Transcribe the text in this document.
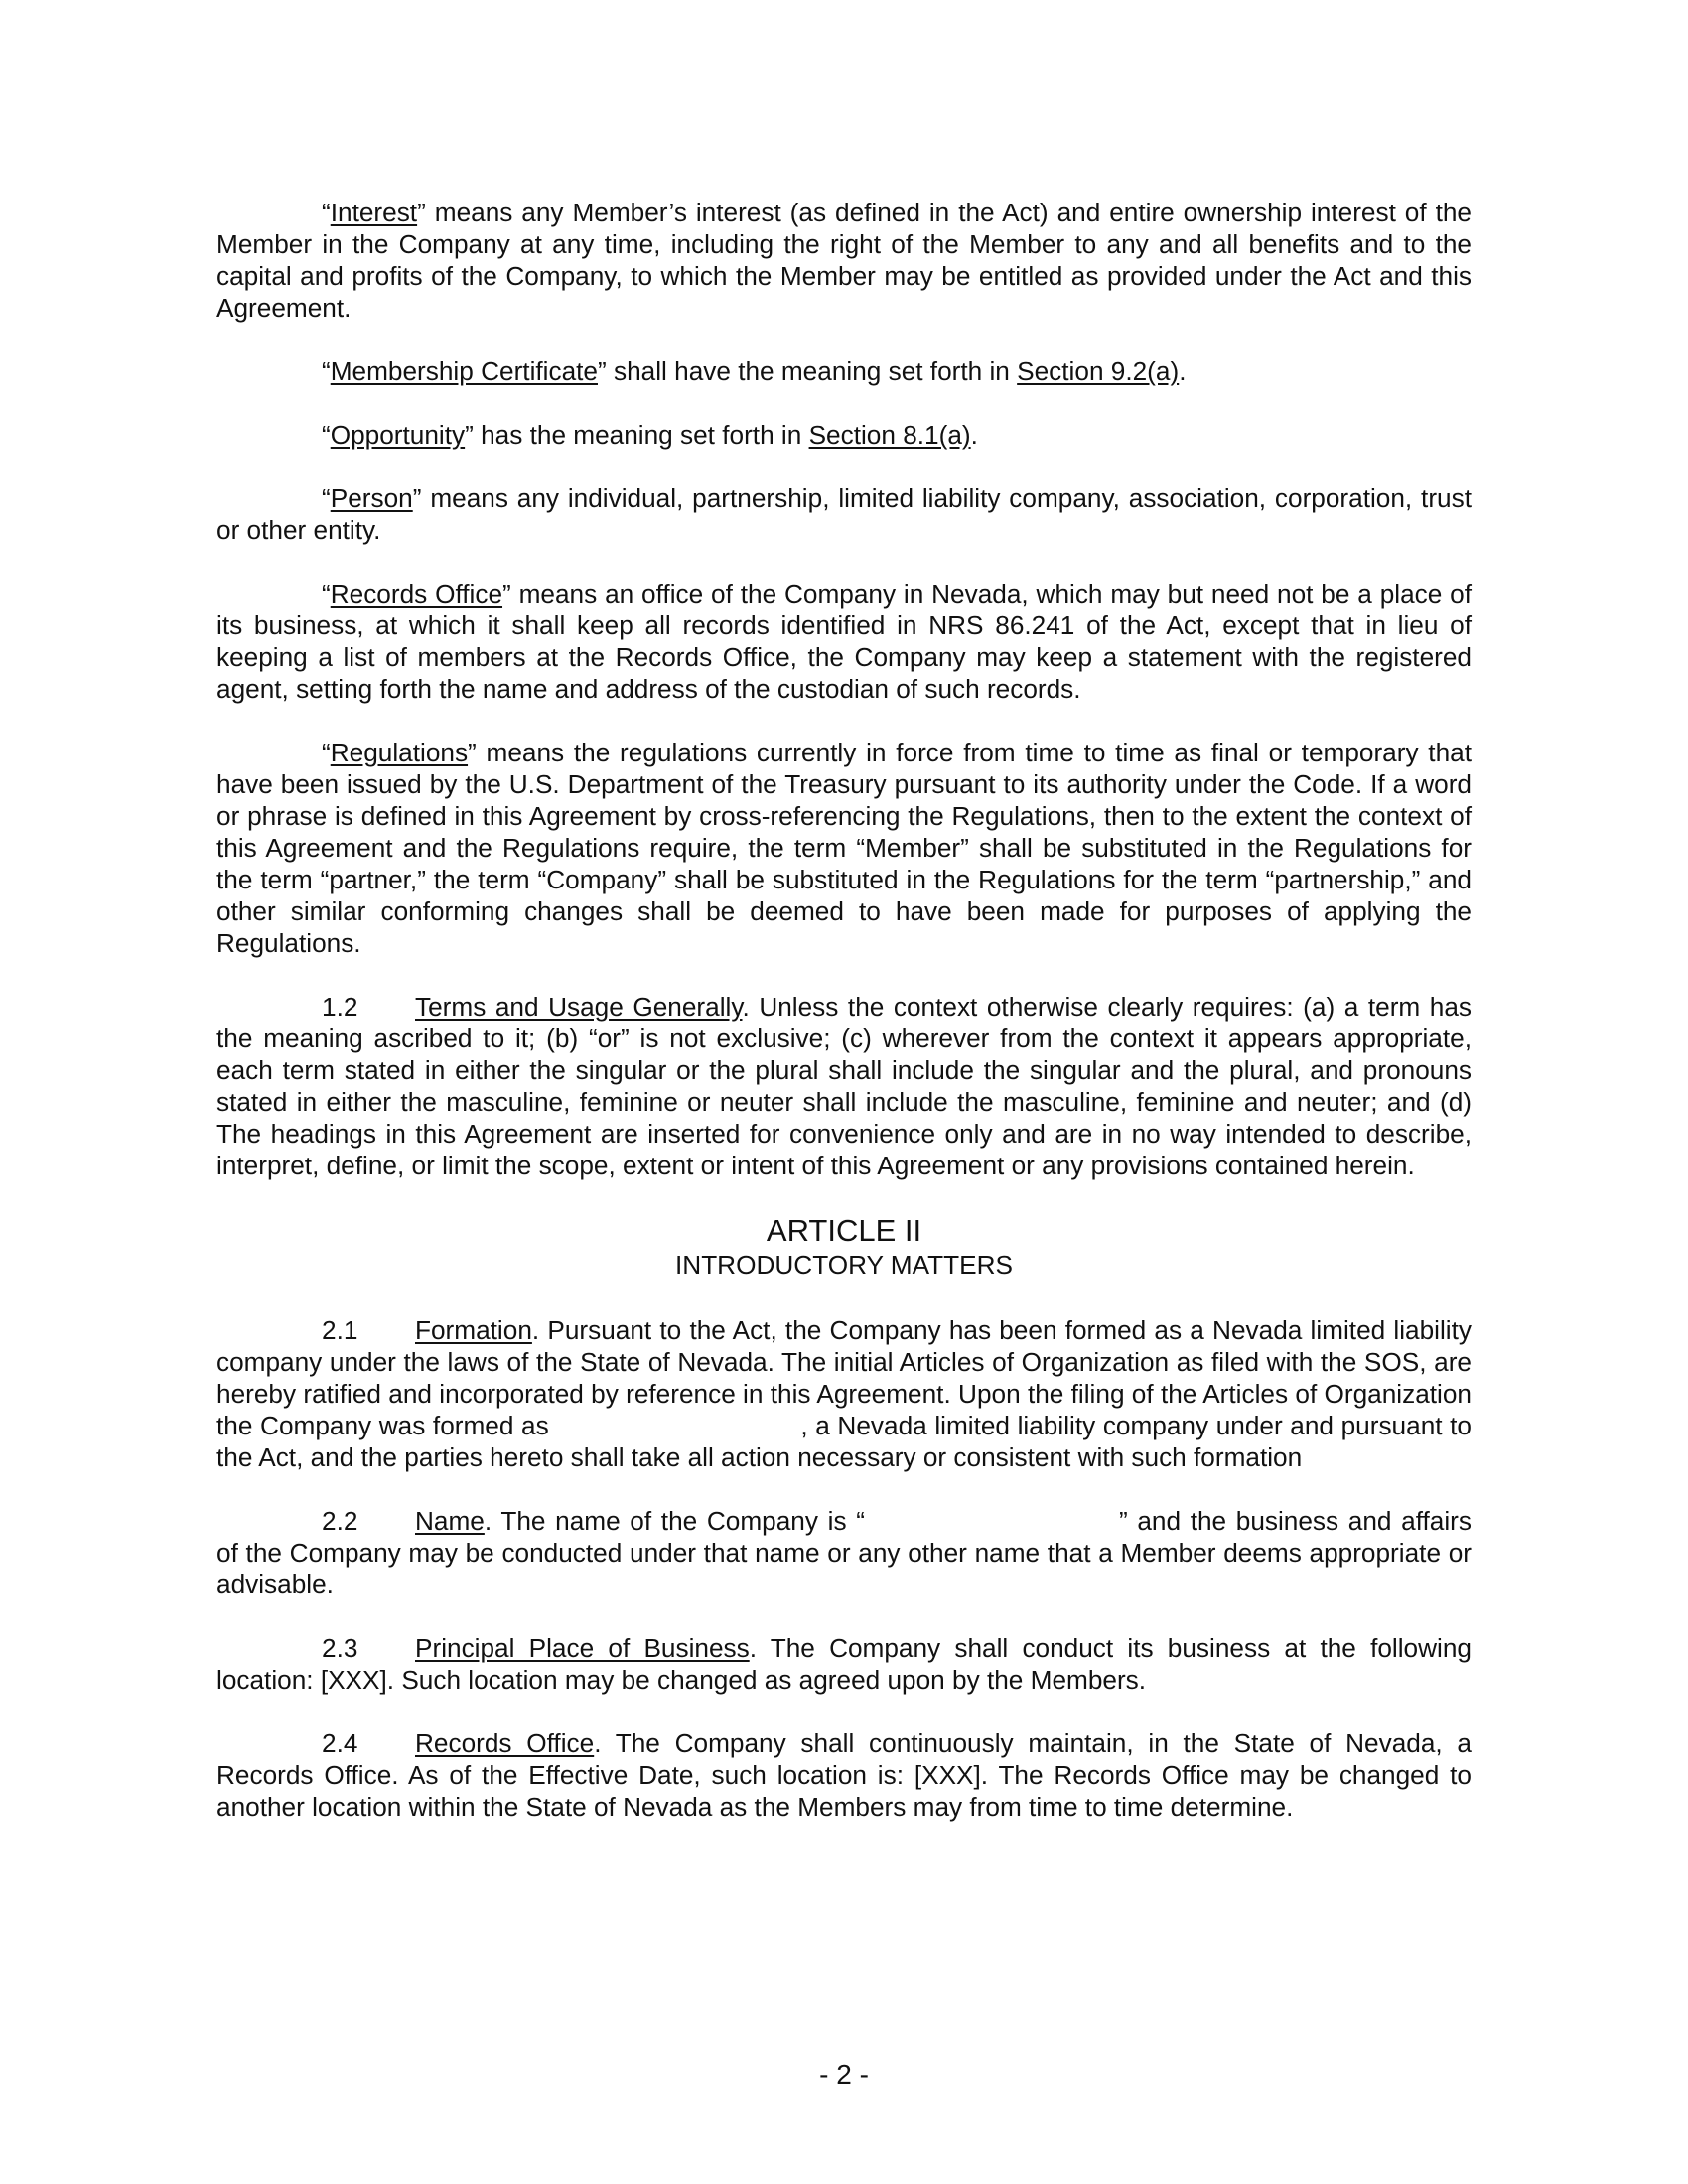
“Interest” means any Member’s interest (as defined in the Act) and entire ownership interest of the Member in the Company at any time, including the right of the Member to any and all benefits and to the capital and profits of the Company, to which the Member may be entitled as provided under the Act and this Agreement.

“Membership Certificate” shall have the meaning set forth in Section 9.2(a).

“Opportunity” has the meaning set forth in Section 8.1(a).

“Person” means any individual, partnership, limited liability company, association, corporation, trust or other entity.

“Records Office” means an office of the Company in Nevada, which may but need not be a place of its business, at which it shall keep all records identified in NRS 86.241 of the Act, except that in lieu of keeping a list of members at the Records Office, the Company may keep a statement with the registered agent, setting forth the name and address of the custodian of such records.

“Regulations” means the regulations currently in force from time to time as final or temporary that have been issued by the U.S. Department of the Treasury pursuant to its authority under the Code. If a word or phrase is defined in this Agreement by cross-referencing the Regulations, then to the extent the context of this Agreement and the Regulations require, the term “Member” shall be substituted in the Regulations for the term “partner,” the term “Company” shall be substituted in the Regulations for the term “partnership,” and other similar conforming changes shall be deemed to have been made for purposes of applying the Regulations.

1.2 Terms and Usage Generally. Unless the context otherwise clearly requires: (a) a term has the meaning ascribed to it; (b) “or” is not exclusive; (c) wherever from the context it appears appropriate, each term stated in either the singular or the plural shall include the singular and the plural, and pronouns stated in either the masculine, feminine or neuter shall include the masculine, feminine and neuter; and (d) The headings in this Agreement are inserted for convenience only and are in no way intended to describe, interpret, define, or limit the scope, extent or intent of this Agreement or any provisions contained herein.

ARTICLE II
INTRODUCTORY MATTERS

2.1 Formation. Pursuant to the Act, the Company has been formed as a Nevada limited liability company under the laws of the State of Nevada. The initial Articles of Organization as filed with the SOS, are hereby ratified and incorporated by reference in this Agreement. Upon the filing of the Articles of Organization the Company was formed as	, a Nevada limited liability company under and pursuant to the Act, and the parties hereto shall take all action necessary or consistent with such formation

2.2 Name. The name of the Company is “	” and the business and affairs of the Company may be conducted under that name or any other name that a Member deems appropriate or advisable.

2.3 Principal Place of Business. The Company shall conduct its business at the following location: [XXX]. Such location may be changed as agreed upon by the Members.

2.4 Records Office. The Company shall continuously maintain, in the State of Nevada, a Records Office. As of the Effective Date, such location is: [XXX]. The Records Office may be changed to another location within the State of Nevada as the Members may from time to time determine.

- 2 -
